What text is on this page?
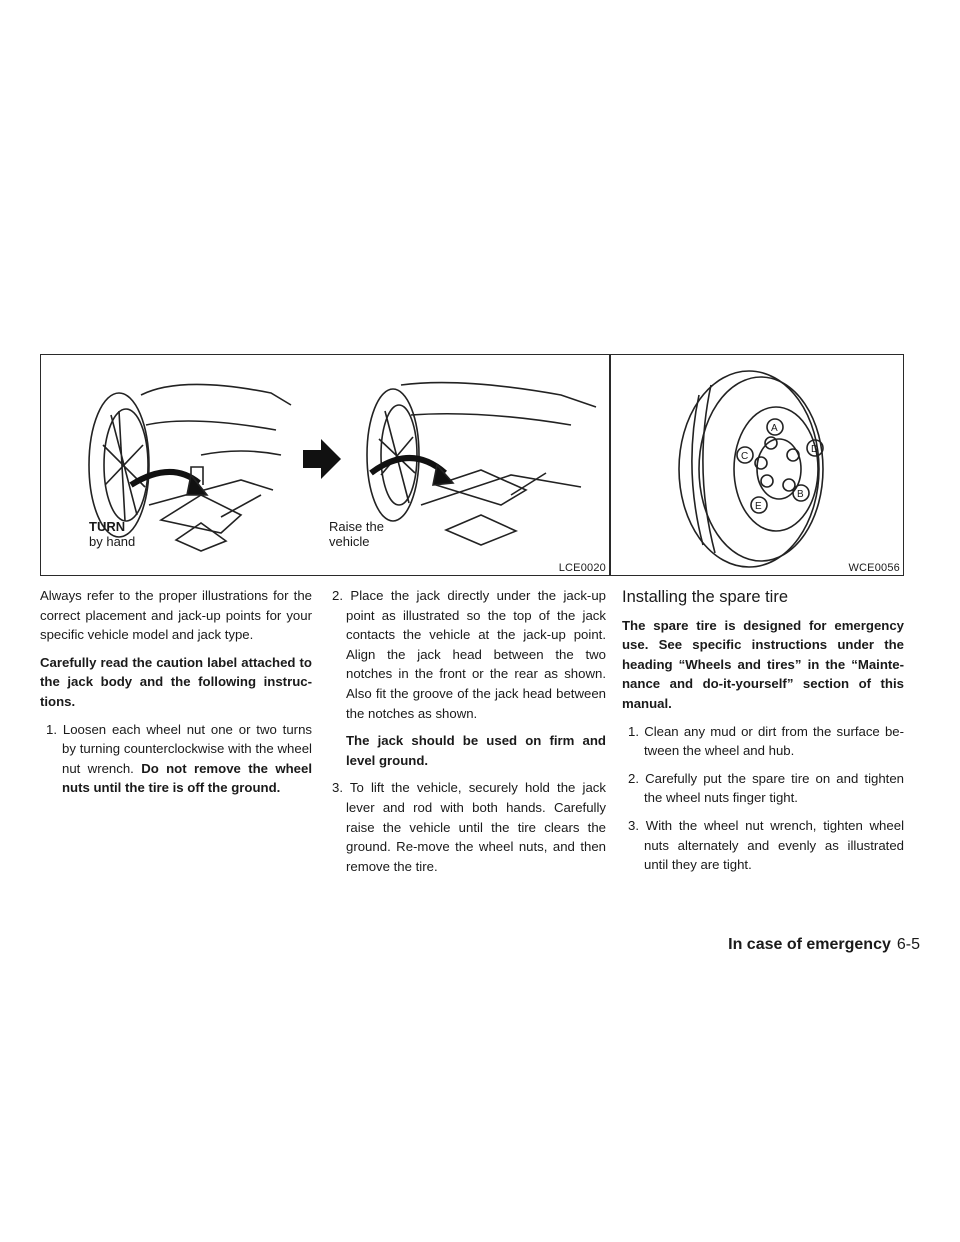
TURN
by hand
Raise the
vehicle
LCE0020
A
B
C
D
E
WCE0056

Always refer to the proper illustrations for the correct placement and jack-up points for your specific vehicle model and jack type.

Carefully read the caution label attached to the jack body and the following instruc-tions.

1. Loosen each wheel nut one or two turns by turning counterclockwise with the wheel nut wrench. Do not remove the wheel nuts until the tire is off the ground.
2. Place the jack directly under the jack-up point as illustrated so the top of the jack contacts the vehicle at the jack-up point. Align the jack head between the two notches in the front or the rear as shown. Also fit the groove of the jack head between the notches as shown.
The jack should be used on firm and level ground.
3. To lift the vehicle, securely hold the jack lever and rod with both hands. Carefully raise the vehicle until the tire clears the ground. Re-move the wheel nuts, and then remove the tire.
Installing the spare tire

The spare tire is designed for emergency use. See specific instructions under the heading “Wheels and tires” in the “Mainte-nance and do-it-yourself” section of this manual.

1. Clean any mud or dirt from the surface be-tween the wheel and hub.
2. Carefully put the spare tire on and tighten the wheel nuts finger tight.
3. With the wheel nut wrench, tighten wheel nuts alternately and evenly as illustrated until they are tight.
In case of emergency 6-5
